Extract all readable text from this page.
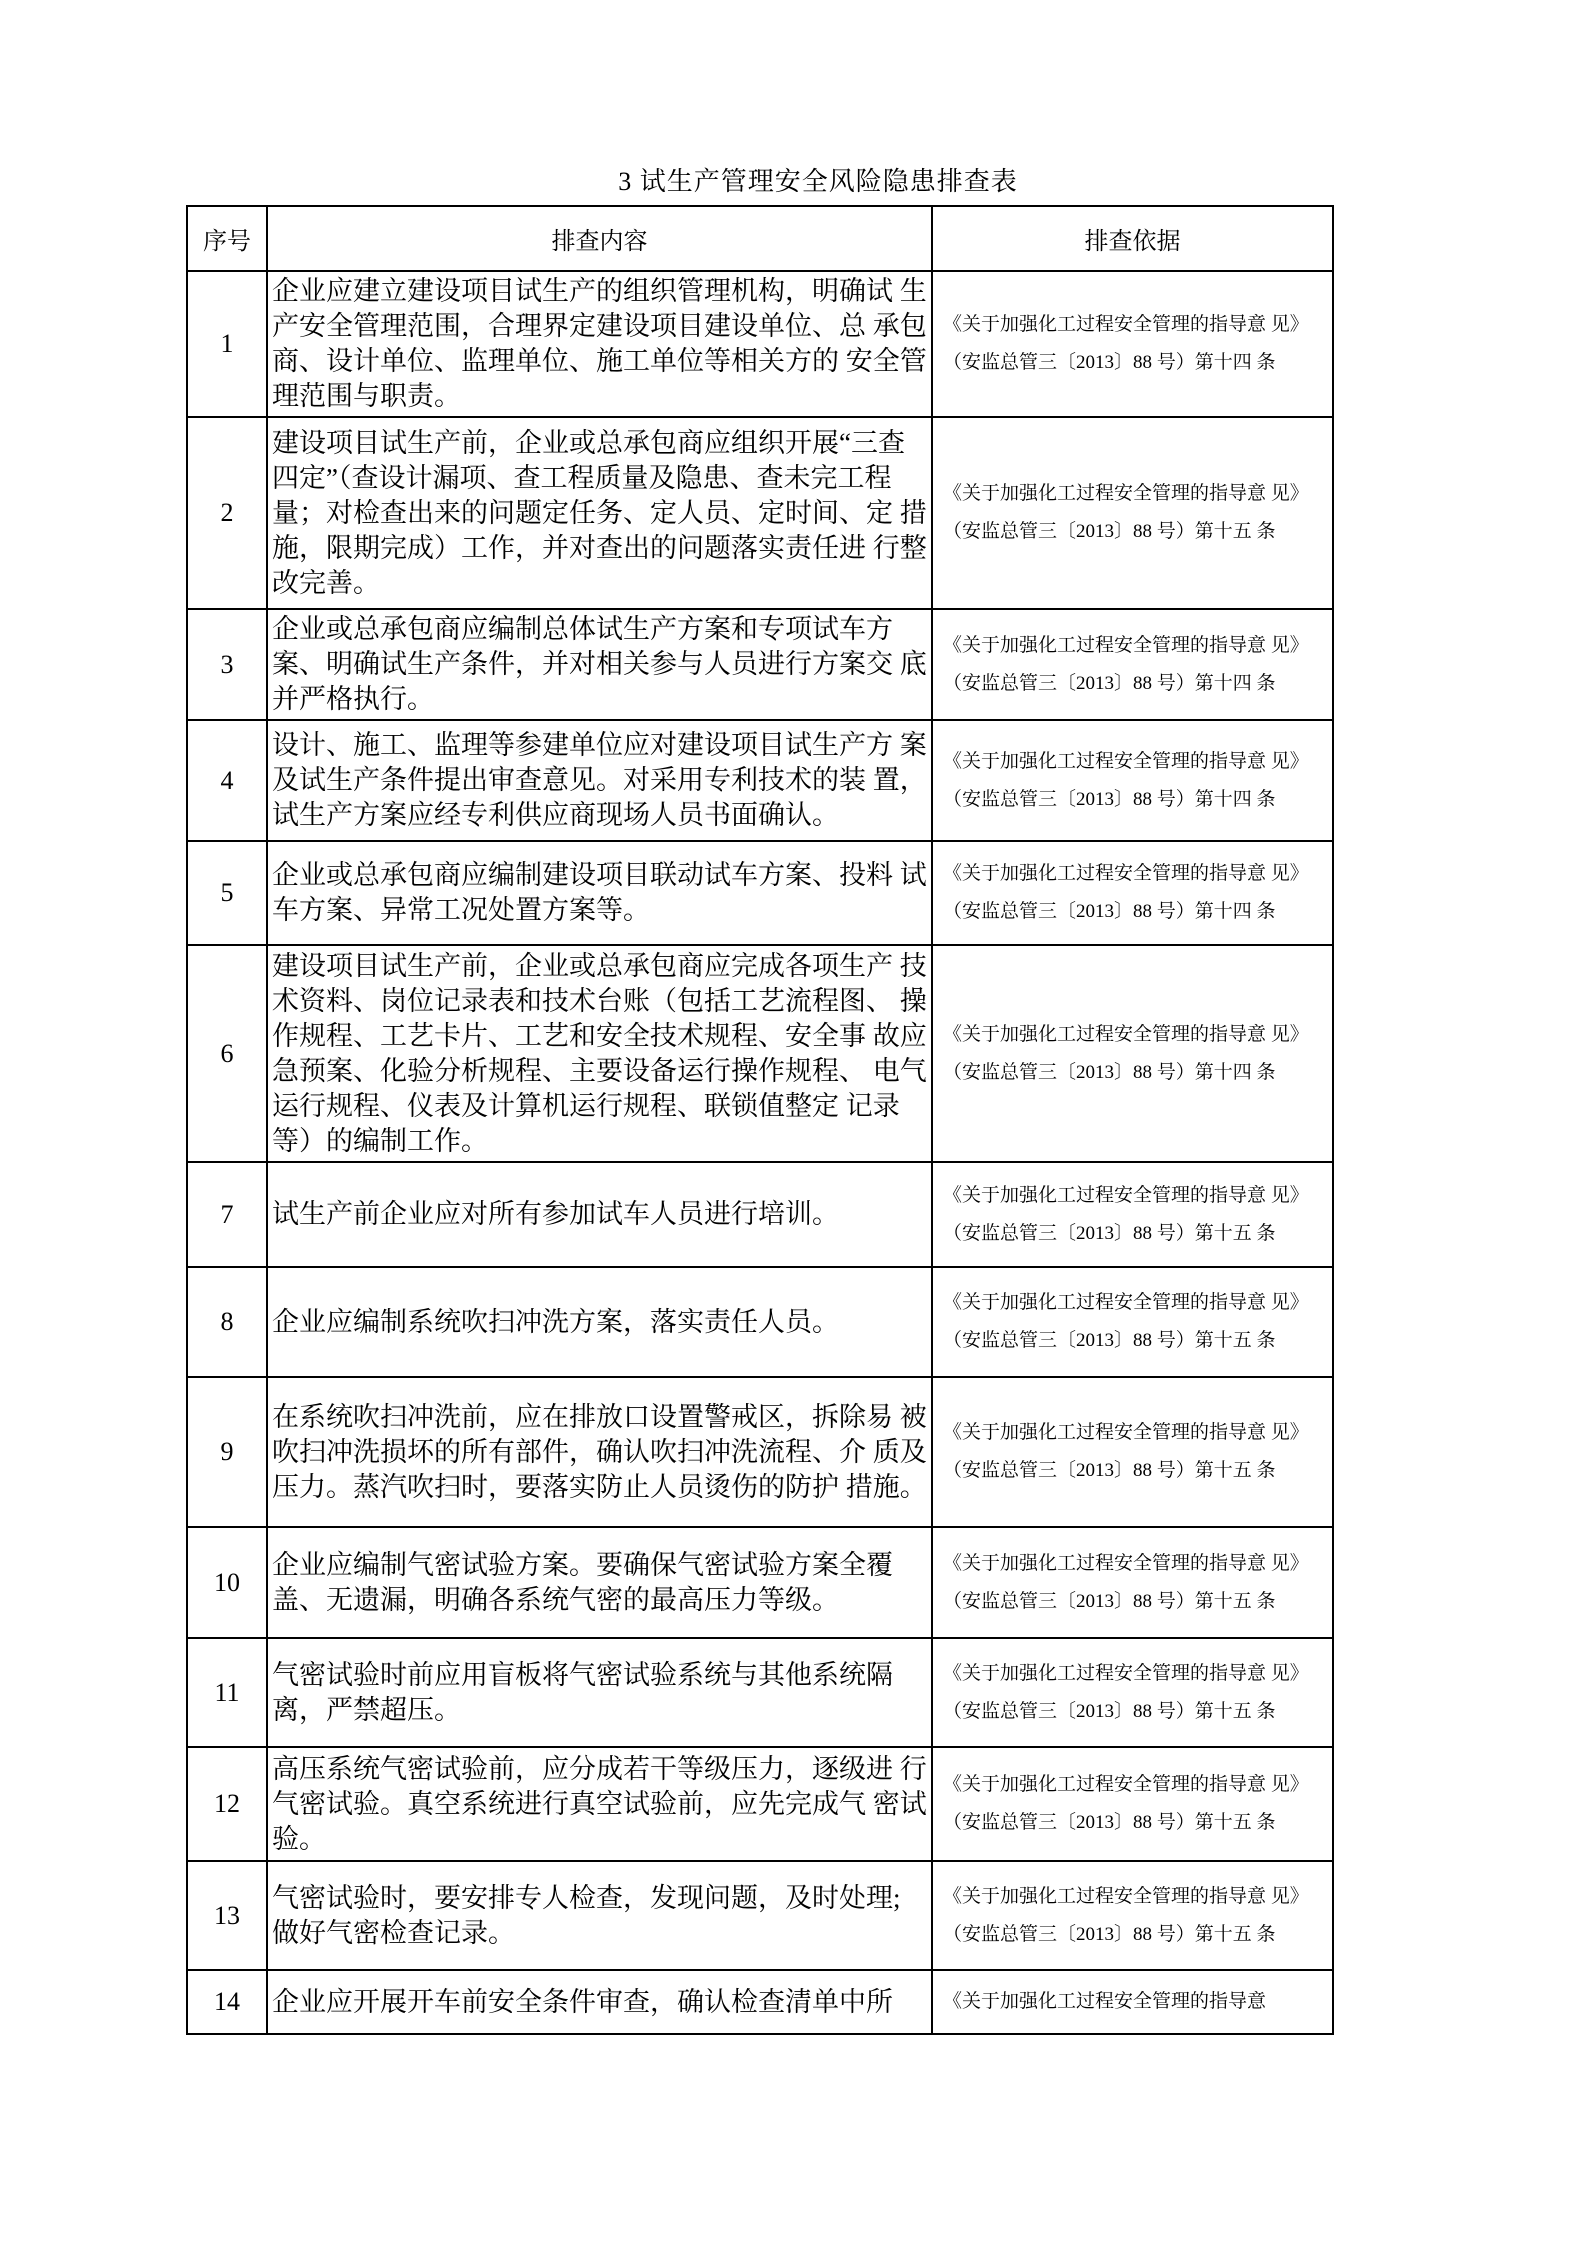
3 试生产管理安全风险隐患排查表
序号	排查内容	排查依据
1	企业应建立建设项目试生产的组织管理机构，明确试 生产安全管理范围，合理界定建设项目建设单位、总 承包商、设计单位、监理单位、施工单位等相关方的 安全管理范围与职责。	《关于加强化工过程安全管理的指导意 见》
（安监总管三〔2013〕88 号）第十四 条

2	建设项目试生产前，企业或总承包商应组织开展“三查 四定”（查设计漏项、查工程质量及隐患、查未完工程 量；对检查出来的问题定任务、定人员、定时间、定 措施，限期完成）工作，并对查出的问题落实责任进 行整改完善。	《关于加强化工过程安全管理的指导意 见》
（安监总管三〔2013〕88 号）第十五 条

3	企业或总承包商应编制总体试生产方案和专项试车方 案、明确试生产条件，并对相关参与人员进行方案交 底并严格执行。	《关于加强化工过程安全管理的指导意 见》
（安监总管三〔2013〕88 号）第十四 条

4	设计、施工、监理等参建单位应对建设项目试生产方 案及试生产条件提出审查意见。对采用专利技术的装 置，试生产方案应经专利供应商现场人员书面确认。	《关于加强化工过程安全管理的指导意 见》
（安监总管三〔2013〕88 号）第十四 条

5	企业或总承包商应编制建设项目联动试车方案、投料 试车方案、异常工况处置方案等。	《关于加强化工过程安全管理的指导意 见》
（安监总管三〔2013〕88 号）第十四 条

6	建设项目试生产前，企业或总承包商应完成各项生产 技术资料、岗位记录表和技术台账（包括工艺流程图、 操作规程、工艺卡片、工艺和安全技术规程、安全事 故应急预案、化验分析规程、主要设备运行操作规程、 电气运行规程、仪表及计算机运行规程、联锁值整定 记录等）的编制工作。	《关于加强化工过程安全管理的指导意 见》
（安监总管三〔2013〕88 号）第十四 条

7	试生产前企业应对所有参加试车人员进行培训。	《关于加强化工过程安全管理的指导意 见》
（安监总管三〔2013〕88 号）第十五 条

8	企业应编制系统吹扫冲洗方案，落实责任人员。	《关于加强化工过程安全管理的指导意 见》
（安监总管三〔2013〕88 号）第十五 条

9	在系统吹扫冲洗前，应在排放口设置警戒区，拆除易 被吹扫冲洗损坏的所有部件，确认吹扫冲洗流程、介 质及压力。蒸汽吹扫时，要落实防止人员烫伤的防护 措施。	《关于加强化工过程安全管理的指导意 见》
（安监总管三〔2013〕88 号）第十五 条

10	企业应编制气密试验方案。要确保气密试验方案全覆 盖、无遗漏，明确各系统气密的最高压力等级。	《关于加强化工过程安全管理的指导意 见》
（安监总管三〔2013〕88 号）第十五 条

11	气密试验时前应用盲板将气密试验系统与其他系统隔 离，严禁超压。	《关于加强化工过程安全管理的指导意 见》
（安监总管三〔2013〕88 号）第十五 条

12	高压系统气密试验前，应分成若干等级压力，逐级进 行气密试验。真空系统进行真空试验前，应先完成气 密试验。	《关于加强化工过程安全管理的指导意 见》
（安监总管三〔2013〕88 号）第十五 条

13	气密试验时，要安排专人检查，发现问题，及时处理; 做好气密检查记录。	《关于加强化工过程安全管理的指导意 见》
（安监总管三〔2013〕88 号）第十五 条

14	企业应开展开车前安全条件审查，确认检查清单中所	《关于加强化工过程安全管理的指导意
